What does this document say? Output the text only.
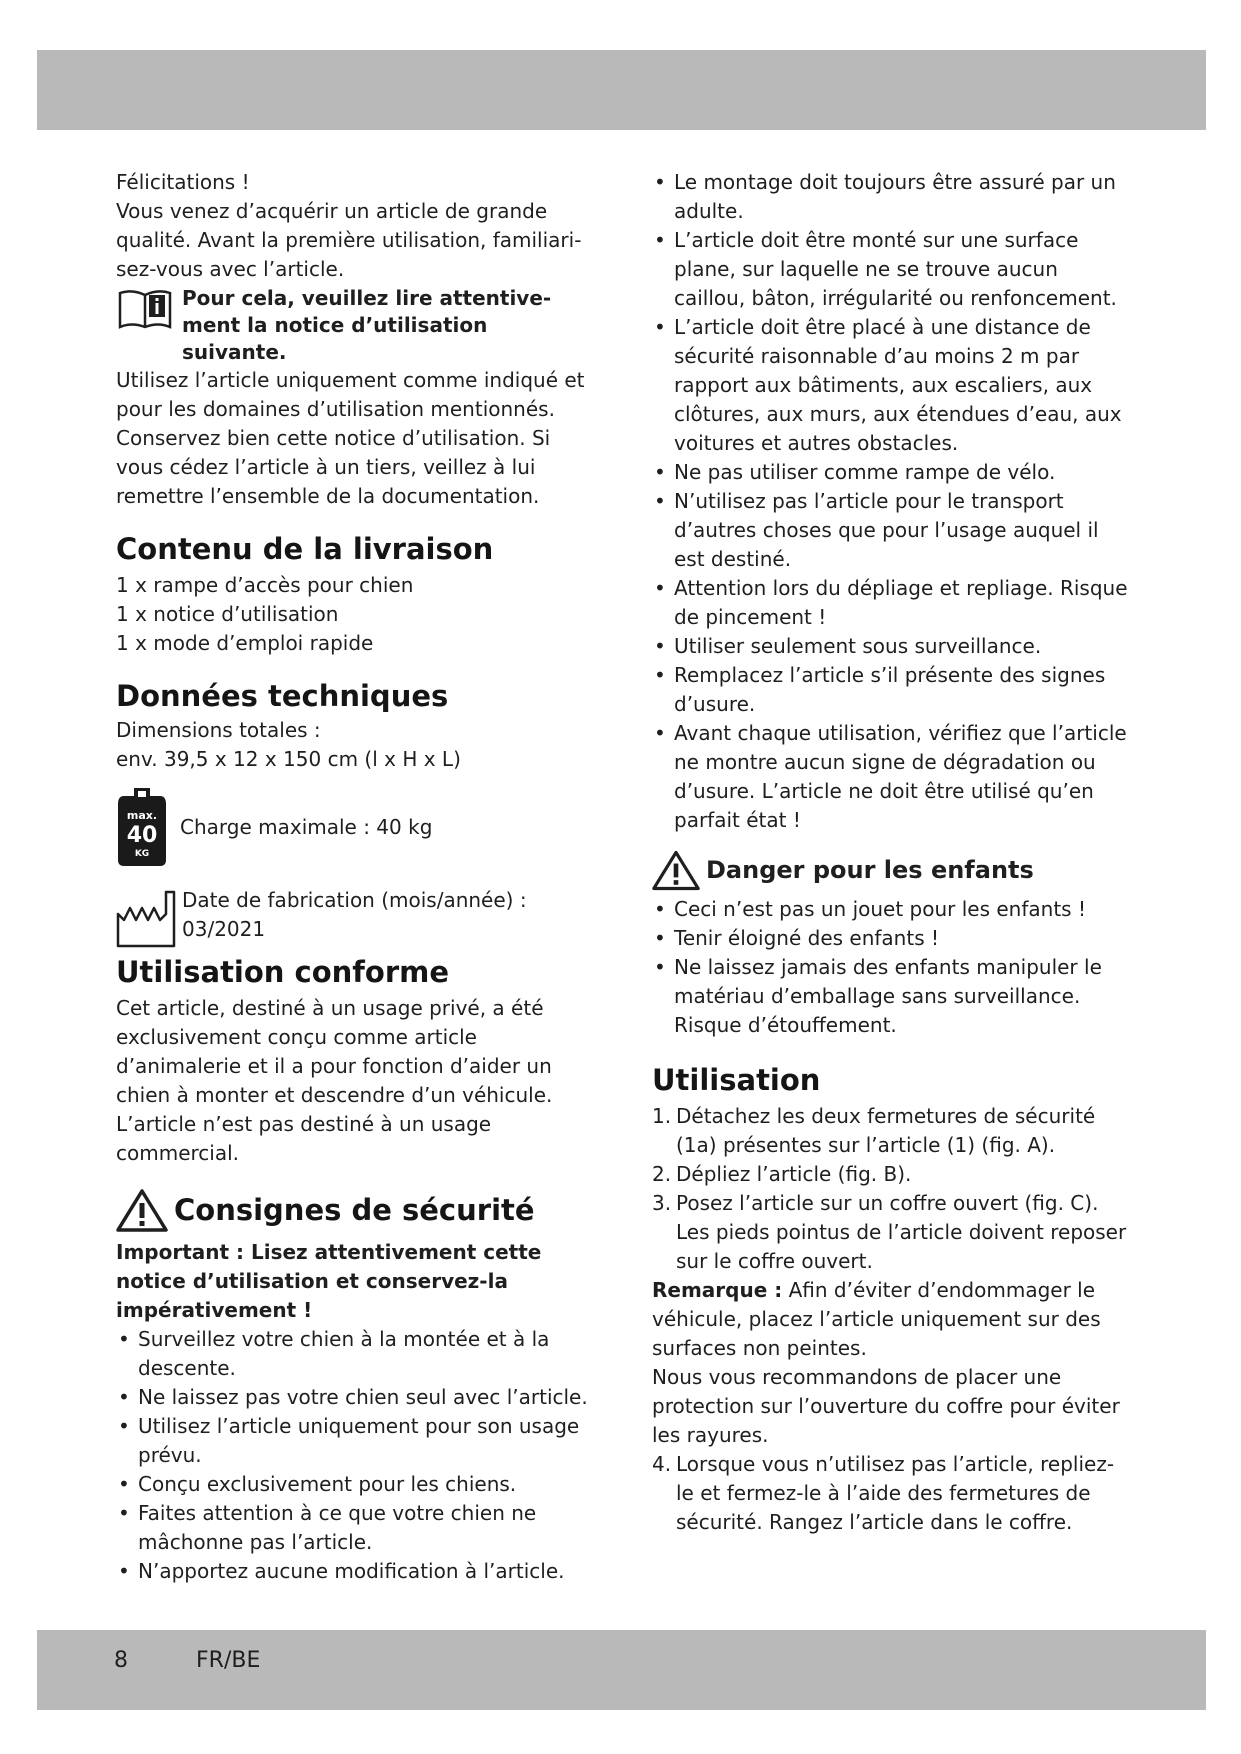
Félicitations !

Vous venez d’acquérir un article de grande qualité. Avant la première utilisation, familiari-sez-vous avec l’article.

Pour cela, veuillez lire attentive-ment la notice d’utilisation suivante.

Utilisez l’article uniquement comme indiqué et pour les domaines d’utilisation mentionnés. Conservez bien cette notice d’utilisation. Si vous cédez l’article à un tiers, veillez à lui remettre l’ensemble de la documentation.

Contenu de la livraison

1 x rampe d’accès pour chien

1 x notice d’utilisation

1 x mode d’emploi rapide

Données techniques

Dimensions totales :

env. 39,5 x 12 x 150 cm (l x H x L)

max.
40
KG
Charge maximale : 40 kg

Date de fabrication (mois/année) :

03/2021

Utilisation conforme

Cet article, destiné à un usage privé, a été exclusivement conçu comme article d’animalerie et il a pour fonction d’aider un chien à monter et descendre d’un véhicule. L’article n’est pas destiné à un usage commercial.

Consignes de sécurité

Important : Lisez attentivement cette notice d’utilisation et conservez-la impérativement !

• Surveillez votre chien à la montée et à la descente.
• Ne laissez pas votre chien seul avec l’article.
• Utilisez l’article uniquement pour son usage prévu.
• Conçu exclusivement pour les chiens.
• Faites attention à ce que votre chien ne mâchonne pas l’article.
• N’apportez aucune modification à l’article.
• Le montage doit toujours être assuré par un adulte.
• L’article doit être monté sur une surface plane, sur laquelle ne se trouve aucun caillou, bâton, irrégularité ou renfoncement.
• L’article doit être placé à une distance de sécurité raisonnable d’au moins 2 m par rapport aux bâtiments, aux escaliers, aux clôtures, aux murs, aux étendues d’eau, aux voitures et autres obstacles.
• Ne pas utiliser comme rampe de vélo.
• N’utilisez pas l’article pour le transport d’autres choses que pour l’usage auquel il est destiné.
• Attention lors du dépliage et repliage. Risque de pincement !
• Utiliser seulement sous surveillance.
• Remplacez l’article s’il présente des signes d’usure.
• Avant chaque utilisation, vérifiez que l’article ne montre aucun signe de dégradation ou d’usure. L’article ne doit être utilisé qu’en parfait état !
Danger pour les enfants
• Ceci n’est pas un jouet pour les enfants !
• Tenir éloigné des enfants !
• Ne laissez jamais des enfants manipuler le matériau d’emballage sans surveillance. Risque d’étouffement.
Utilisation
1. Détachez les deux fermetures de sécurité (1a) présentes sur l’article (1) (fig. A).
2. Dépliez l’article (fig. B).
3. Posez l’article sur un coffre ouvert (fig. C). Les pieds pointus de l’article doivent reposer sur le coffre ouvert.

Remarque : Afin d’éviter d’endommager le véhicule, placez l’article uniquement sur des surfaces non peintes.

Nous vous recommandons de placer une protection sur l’ouverture du coffre pour éviter les rayures.

4. Lorsque vous n’utilisez pas l’article, repliez-le et fermez-le à l’aide des fermetures de sécurité. Rangez l’article dans le coffre.
8	FR/BE
